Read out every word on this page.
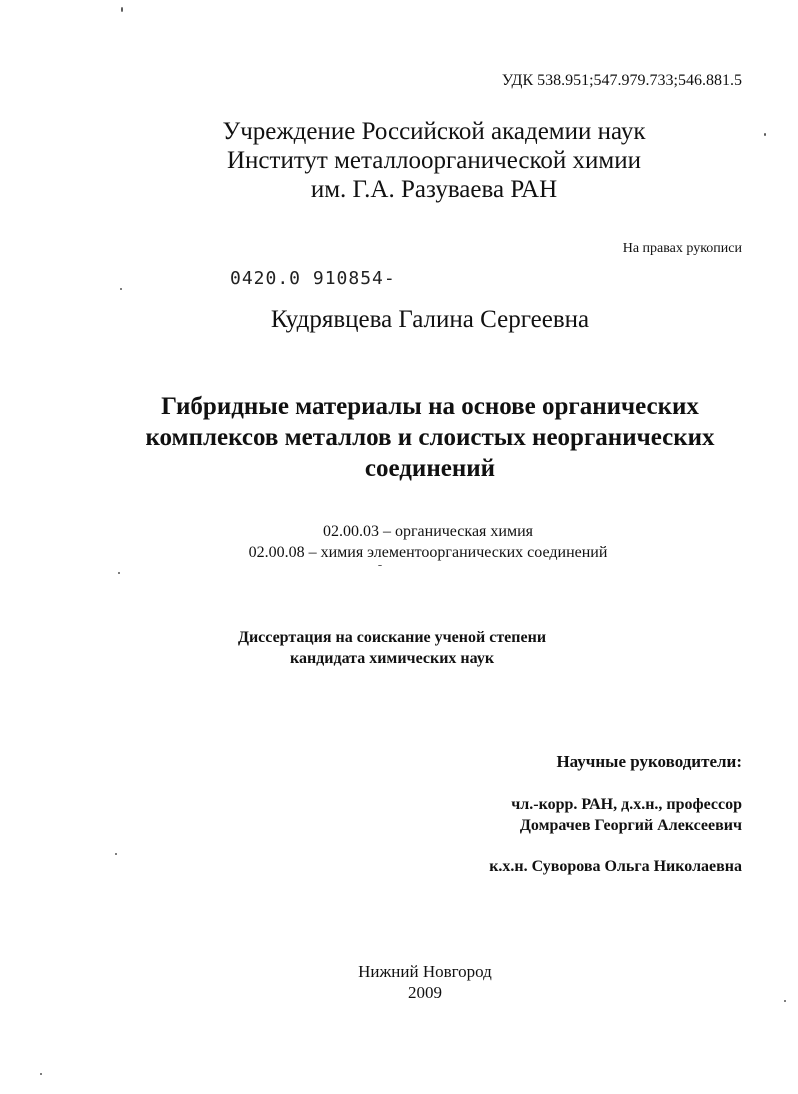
УДК 538.951;547.979.733;546.881.5
Учреждение Российской академии наук
Институт металлоорганической химии
им. Г.А. Разуваева РАН
На правах рукописи
0420.0 910854-
Кудрявцева Галина Сергеевна
Гибридные материалы на основе органических
комплексов металлов и слоистых неорганических
соединений
02.00.03 – органическая химия
02.00.08 – химия элементоорганических соединений
Диссертация на соискание ученой степени
кандидата химических наук
Научные руководители:
чл.-корр. РАН, д.х.н., профессор
Домрачев Георгий Алексеевич
к.х.н. Суворова Ольга Николаевна
Нижний Новгород
2009
